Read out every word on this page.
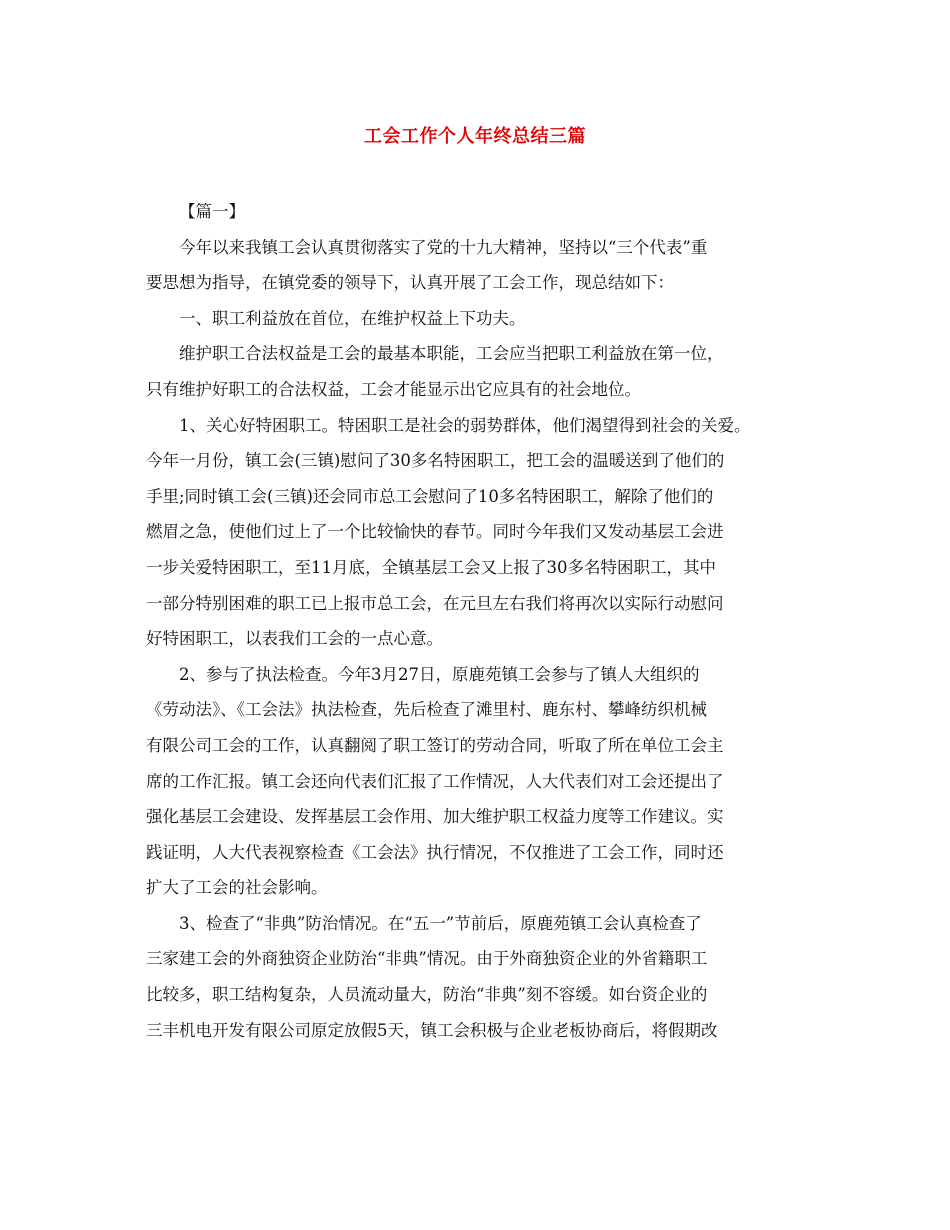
工会工作个人年终总结三篇
【篇一】
今年以来我镇工会认真贯彻落实了党的十九大精神，坚持以“三个代表”重
要思想为指导，在镇党委的领导下，认真开展了工会工作，现总结如下：
一、职工利益放在首位，在维护权益上下功夫。
维护职工合法权益是工会的最基本职能，工会应当把职工利益放在第一位，
只有维护好职工的合法权益，工会才能显示出它应具有的社会地位。
1、关心好特困职工。特困职工是社会的弱势群体，他们渴望得到社会的关爱。
今年一月份，镇工会(三镇)慰问了30多名特困职工，把工会的温暖送到了他们的
手里;同时镇工会(三镇)还会同市总工会慰问了10多名特困职工，解除了他们的
燃眉之急，使他们过上了一个比较愉快的春节。同时今年我们又发动基层工会进
一步关爱特困职工，至11月底，全镇基层工会又上报了30多名特困职工，其中
一部分特别困难的职工已上报市总工会，在元旦左右我们将再次以实际行动慰问
好特困职工，以表我们工会的一点心意。
2、参与了执法检查。今年3月27日，原鹿苑镇工会参与了镇人大组织的
《劳动法》、《工会法》执法检查，先后检查了滩里村、鹿东村、攀峰纺织机械
有限公司工会的工作，认真翻阅了职工签订的劳动合同，听取了所在单位工会主
席的工作汇报。镇工会还向代表们汇报了工作情况，人大代表们对工会还提出了
强化基层工会建设、发挥基层工会作用、加大维护职工权益力度等工作建议。实
践证明，人大代表视察检查《工会法》执行情况，不仅推进了工会工作，同时还
扩大了工会的社会影响。
3、检查了“非典”防治情况。在“五一”节前后，原鹿苑镇工会认真检查了
三家建工会的外商独资企业防治“非典”情况。由于外商独资企业的外省籍职工
比较多，职工结构复杂，人员流动量大，防治“非典”刻不容缓。如台资企业的
三丰机电开发有限公司原定放假5天，镇工会积极与企业老板协商后，将假期改
